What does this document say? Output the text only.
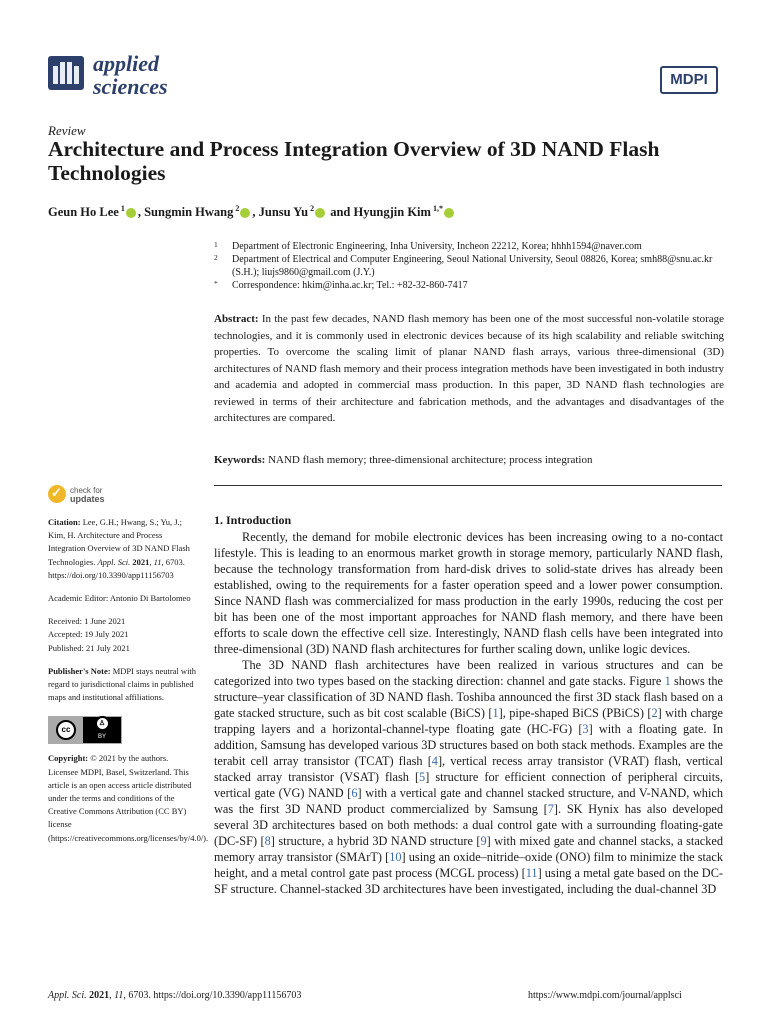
applied
sciences	MDPI
Review
Architecture and Process Integration Overview of 3D NAND Flash Technologies
Geun Ho Lee $^1$ , Sungmin Hwang $^2$ , Junsu Yu $^2$ and Hyungjin Kim $^{1,*}$
1 Department of Electronic Engineering, Inha University, Incheon 22212, Korea; hhhh1594@naver.com
2 Department of Electrical and Computer Engineering, Seoul National University, Seoul 08826, Korea; smh88@snu.ac.kr (S.H.); liujs9860@gmail.com (J.Y.)
* Correspondence: hkim@inha.ac.kr; Tel.: +82-32-860-7417
Abstract: In the past few decades, NAND flash memory has been one of the most successful non-volatile storage technologies, and it is commonly used in electronic devices because of its high scalability and reliable switching properties. To overcome the scaling limit of planar NAND flash arrays, various three-dimensional (3D) architectures of NAND flash memory and their process integration methods have been investigated in both industry and academia and adopted in commercial mass production. In this paper, 3D NAND flash technologies are reviewed in terms of their architecture and fabrication methods, and the advantages and disadvantages of the architectures are compared.
Keywords: NAND flash memory; three-dimensional architecture; process integration
✓ check for
updates
Citation: Lee, G.H.; Hwang, S.; Yu, J.; Kim, H. Architecture and Process Integration Overview of 3D NAND Flash Technologies. Appl. Sci. 2021, 11, 6703. https://doi.org/10.3390/app11156703
Academic Editor: Antonio Di Bartolomeo
Received: 1 June 2021
Accepted: 19 July 2021
Published: 21 July 2021
Publisher's Note: MDPI stays neutral with regard to jurisdictional claims in published maps and institutional affiliations.
cc
♙
BY
Copyright: © 2021 by the authors. Licensee MDPI, Basel, Switzerland. This article is an open access article distributed under the terms and conditions of the Creative Commons Attribution (CC BY) license (https://creativecommons.org/licenses/by/4.0/).
1. Introduction

Recently, the demand for mobile electronic devices has been increasing owing to a no-contact lifestyle. This is leading to an enormous market growth in storage memory, particularly NAND flash, because the technology transformation from hard-disk drives to solid-state drives has already been established, owing to the requirements for a faster operation speed and a lower power consumption. Since NAND flash was commercialized for mass production in the early 1990s, reducing the cost per bit has been one of the most important approaches for NAND flash memory, and there have been efforts to scale down the effective cell size. Interestingly, NAND flash cells have been integrated into three-dimensional (3D) NAND flash architectures for further scaling down, unlike logic devices.

The 3D NAND flash architectures have been realized in various structures and can be categorized into two types based on the stacking direction: channel and gate stacks. Figure 1 shows the structure–year classification of 3D NAND flash. Toshiba announced the first 3D stack flash based on a gate stacked structure, such as bit cost scalable (BiCS) [1], pipe-shaped BiCS (PBiCS) [2] with charge trapping layers and a horizontal-channel-type floating gate (HC-FG) [3] with a floating gate. In addition, Samsung has developed various 3D structures based on both stack methods. Examples are the terabit cell array transistor (TCAT) flash [4], vertical recess array transistor (VRAT) flash, vertical stacked array transistor (VSAT) flash [5] structure for efficient connection of peripheral circuits, vertical gate (VG) NAND [6] with a vertical gate and channel stacked structure, and V-NAND, which was the first 3D NAND product commercialized by Samsung [7]. SK Hynix has also developed several 3D architectures based on both methods: a dual control gate with a surrounding floating-gate (DC-SF) [8] structure, a hybrid 3D NAND structure [9] with mixed gate and channel stacks, a stacked memory array transistor (SMArT) [10] using an oxide–nitride–oxide (ONO) film to minimize the stack height, and a metal control gate past process (MCGL process) [11] using a metal gate based on the DC-SF structure. Channel-stacked 3D architectures have been investigated, including the dual-channel 3D

Appl. Sci. 2021, 11, 6703. https://doi.org/10.3390/app11156703	https://www.mdpi.com/journal/applsci
